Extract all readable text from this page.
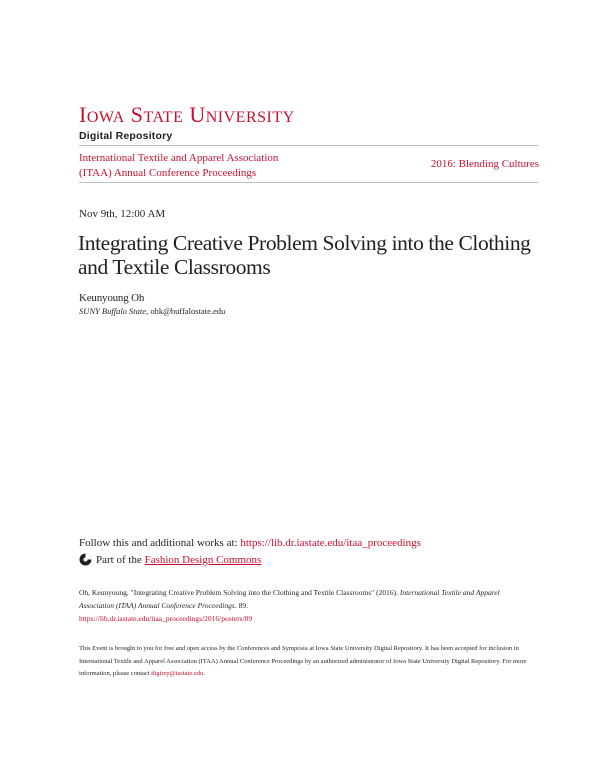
IOWA STATE UNIVERSITY
Digital Repository
International Textile and Apparel Association
(ITAA) Annual Conference Proceedings
2016: Blending Cultures
Nov 9th, 12:00 AM
Integrating Creative Problem Solving into the Clothing and Textile Classrooms
Keunyoung Oh
SUNY Buffalo State, ohk@buffalostate.edu
Follow this and additional works at: https://lib.dr.iastate.edu/itaa_proceedings
Part of the
Fashion Design Commons
Oh, Keunyoung, "Integrating Creative Problem Solving into the Clothing and Textile Classrooms" (2016). International Textile and Apparel Association (ITAA) Annual Conference Proceedings. 89.
https://lib.dr.iastate.edu/itaa_proceedings/2016/posters/89
This Event is brought to you for free and open access by the Conferences and Symposia at Iowa State University Digital Repository. It has been accepted for inclusion in International Textile and Apparel Association (ITAA) Annual Conference Proceedings by an authorized administrator of Iowa State University Digital Repository. For more information, please contact digirep@iastate.edu.
